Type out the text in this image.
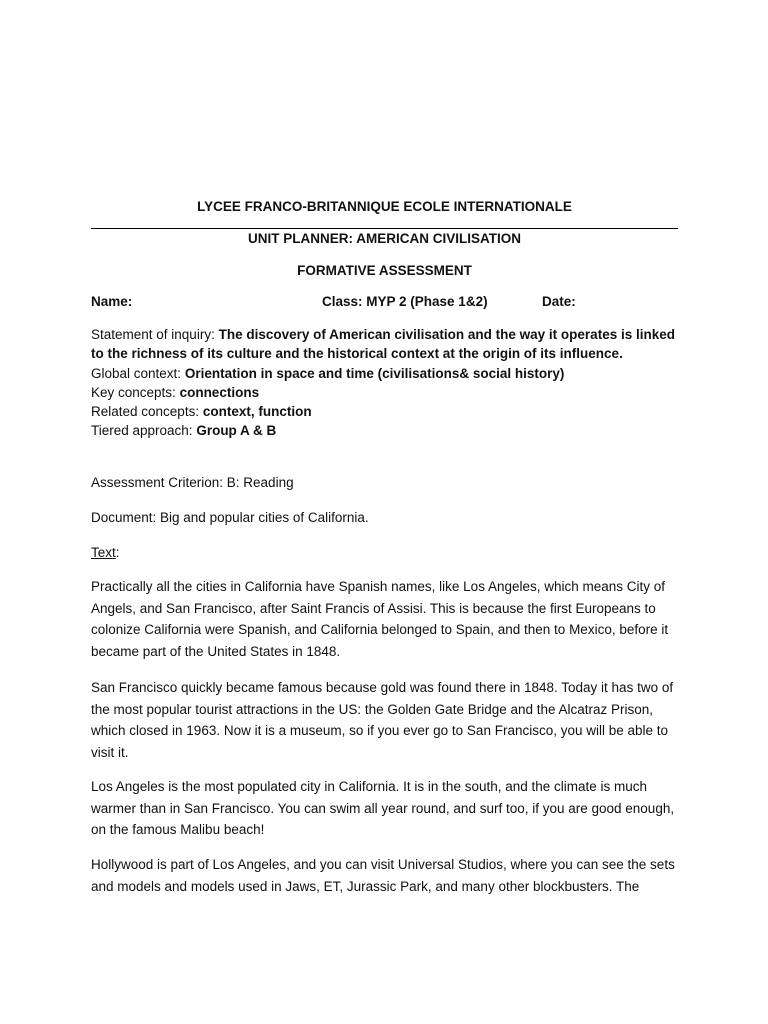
LYCEE FRANCO-BRITANNIQUE ECOLE INTERNATIONALE
UNIT PLANNER: AMERICAN CIVILISATION
FORMATIVE ASSESSMENT
Name:	Class: MYP 2 (Phase 1&2)	Date:

Statement of inquiry: The discovery of American civilisation and the way it operates is linked to the richness of its culture and the historical context at the origin of its influence.

Global context: Orientation in space and time (civilisations& social history)

Key concepts: connections

Related concepts: context, function

Tiered approach: Group A & B

Assessment Criterion: B: Reading
Document: Big and popular cities of California.
Text:

Practically all the cities in California have Spanish names, like Los Angeles, which means City of Angels, and San Francisco, after Saint Francis of Assisi. This is because the first Europeans to colonize California were Spanish, and California belonged to Spain, and then to Mexico, before it became part of the United States in 1848.

San Francisco quickly became famous because gold was found there in 1848. Today it has two of the most popular tourist attractions in the US: the Golden Gate Bridge and the Alcatraz Prison, which closed in 1963. Now it is a museum, so if you ever go to San Francisco, you will be able to visit it.

Los Angeles is the most populated city in California. It is in the south, and the climate is much warmer than in San Francisco. You can swim all year round, and surf too, if you are good enough, on the famous Malibu beach!

Hollywood is part of Los Angeles, and you can visit Universal Studios, where you can see the sets and models and models used in Jaws, ET, Jurassic Park, and many other blockbusters. The
